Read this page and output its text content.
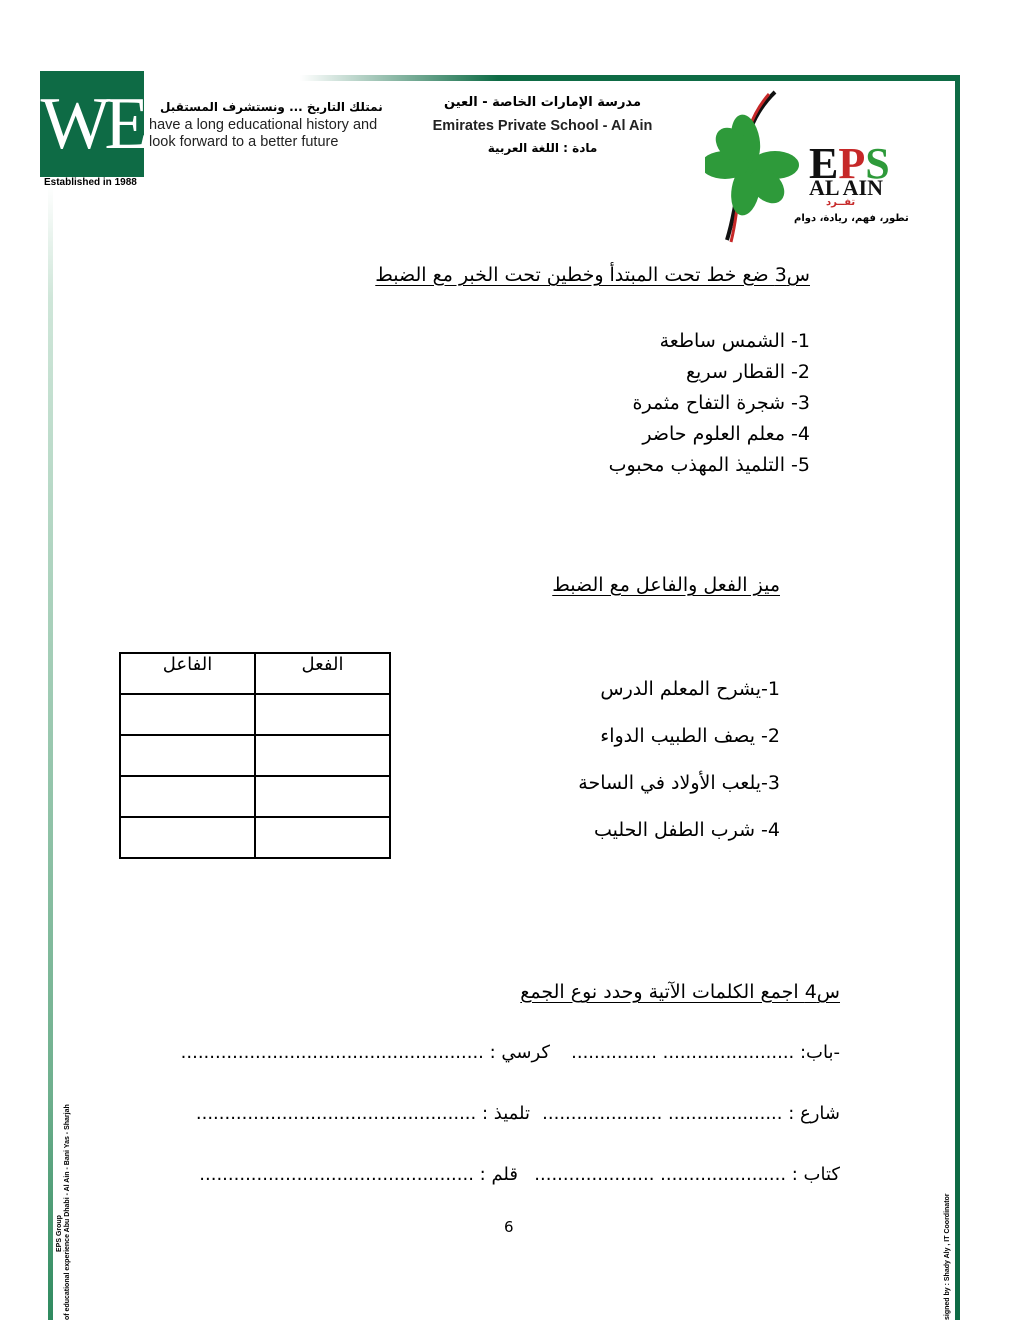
WE
Established in 1988
نمتلك التاريخ ... ونستشرف المستقبل
have a long educational history and
look forward to a better future
مدرسة الإمارات الخاصة - العين
Emirates Private School - Al Ain
مادة : اللغة العربية	EPS
AL AIN
تفــرد
تطور، فهم، ريادة، دوام
س3 ضع خط تحت المبتدأ وخطين تحت الخبر مع الضبط
1- الشمس ساطعة
2- القطار سريع
3- شجرة التفاح مثمرة
4- معلم العلوم حاضر
5- التلميذ المهذب محبوب
ميز الفعل والفاعل مع الضبط
1-يشرح المعلم الدرس
2- يصف الطبيب الدواء
3-يلعب الأولاد في الساحة
4- شرب الطفل الحليب
الفاعل	الفعل

س4 اجمع الكلمات الآتية وحدد نوع الجمع
-باب: ....................... ...............
كرسي : .....................................................
شارع : .................... .....................
تلميذ : .................................................
كتاب : ...................... .....................
قلم : ................................................
6
EPS Group of educational experience Abu Dhabi - Al Ain - Bani Yas - Sharjah	signed by : Shady Aly , IT Coordinator
